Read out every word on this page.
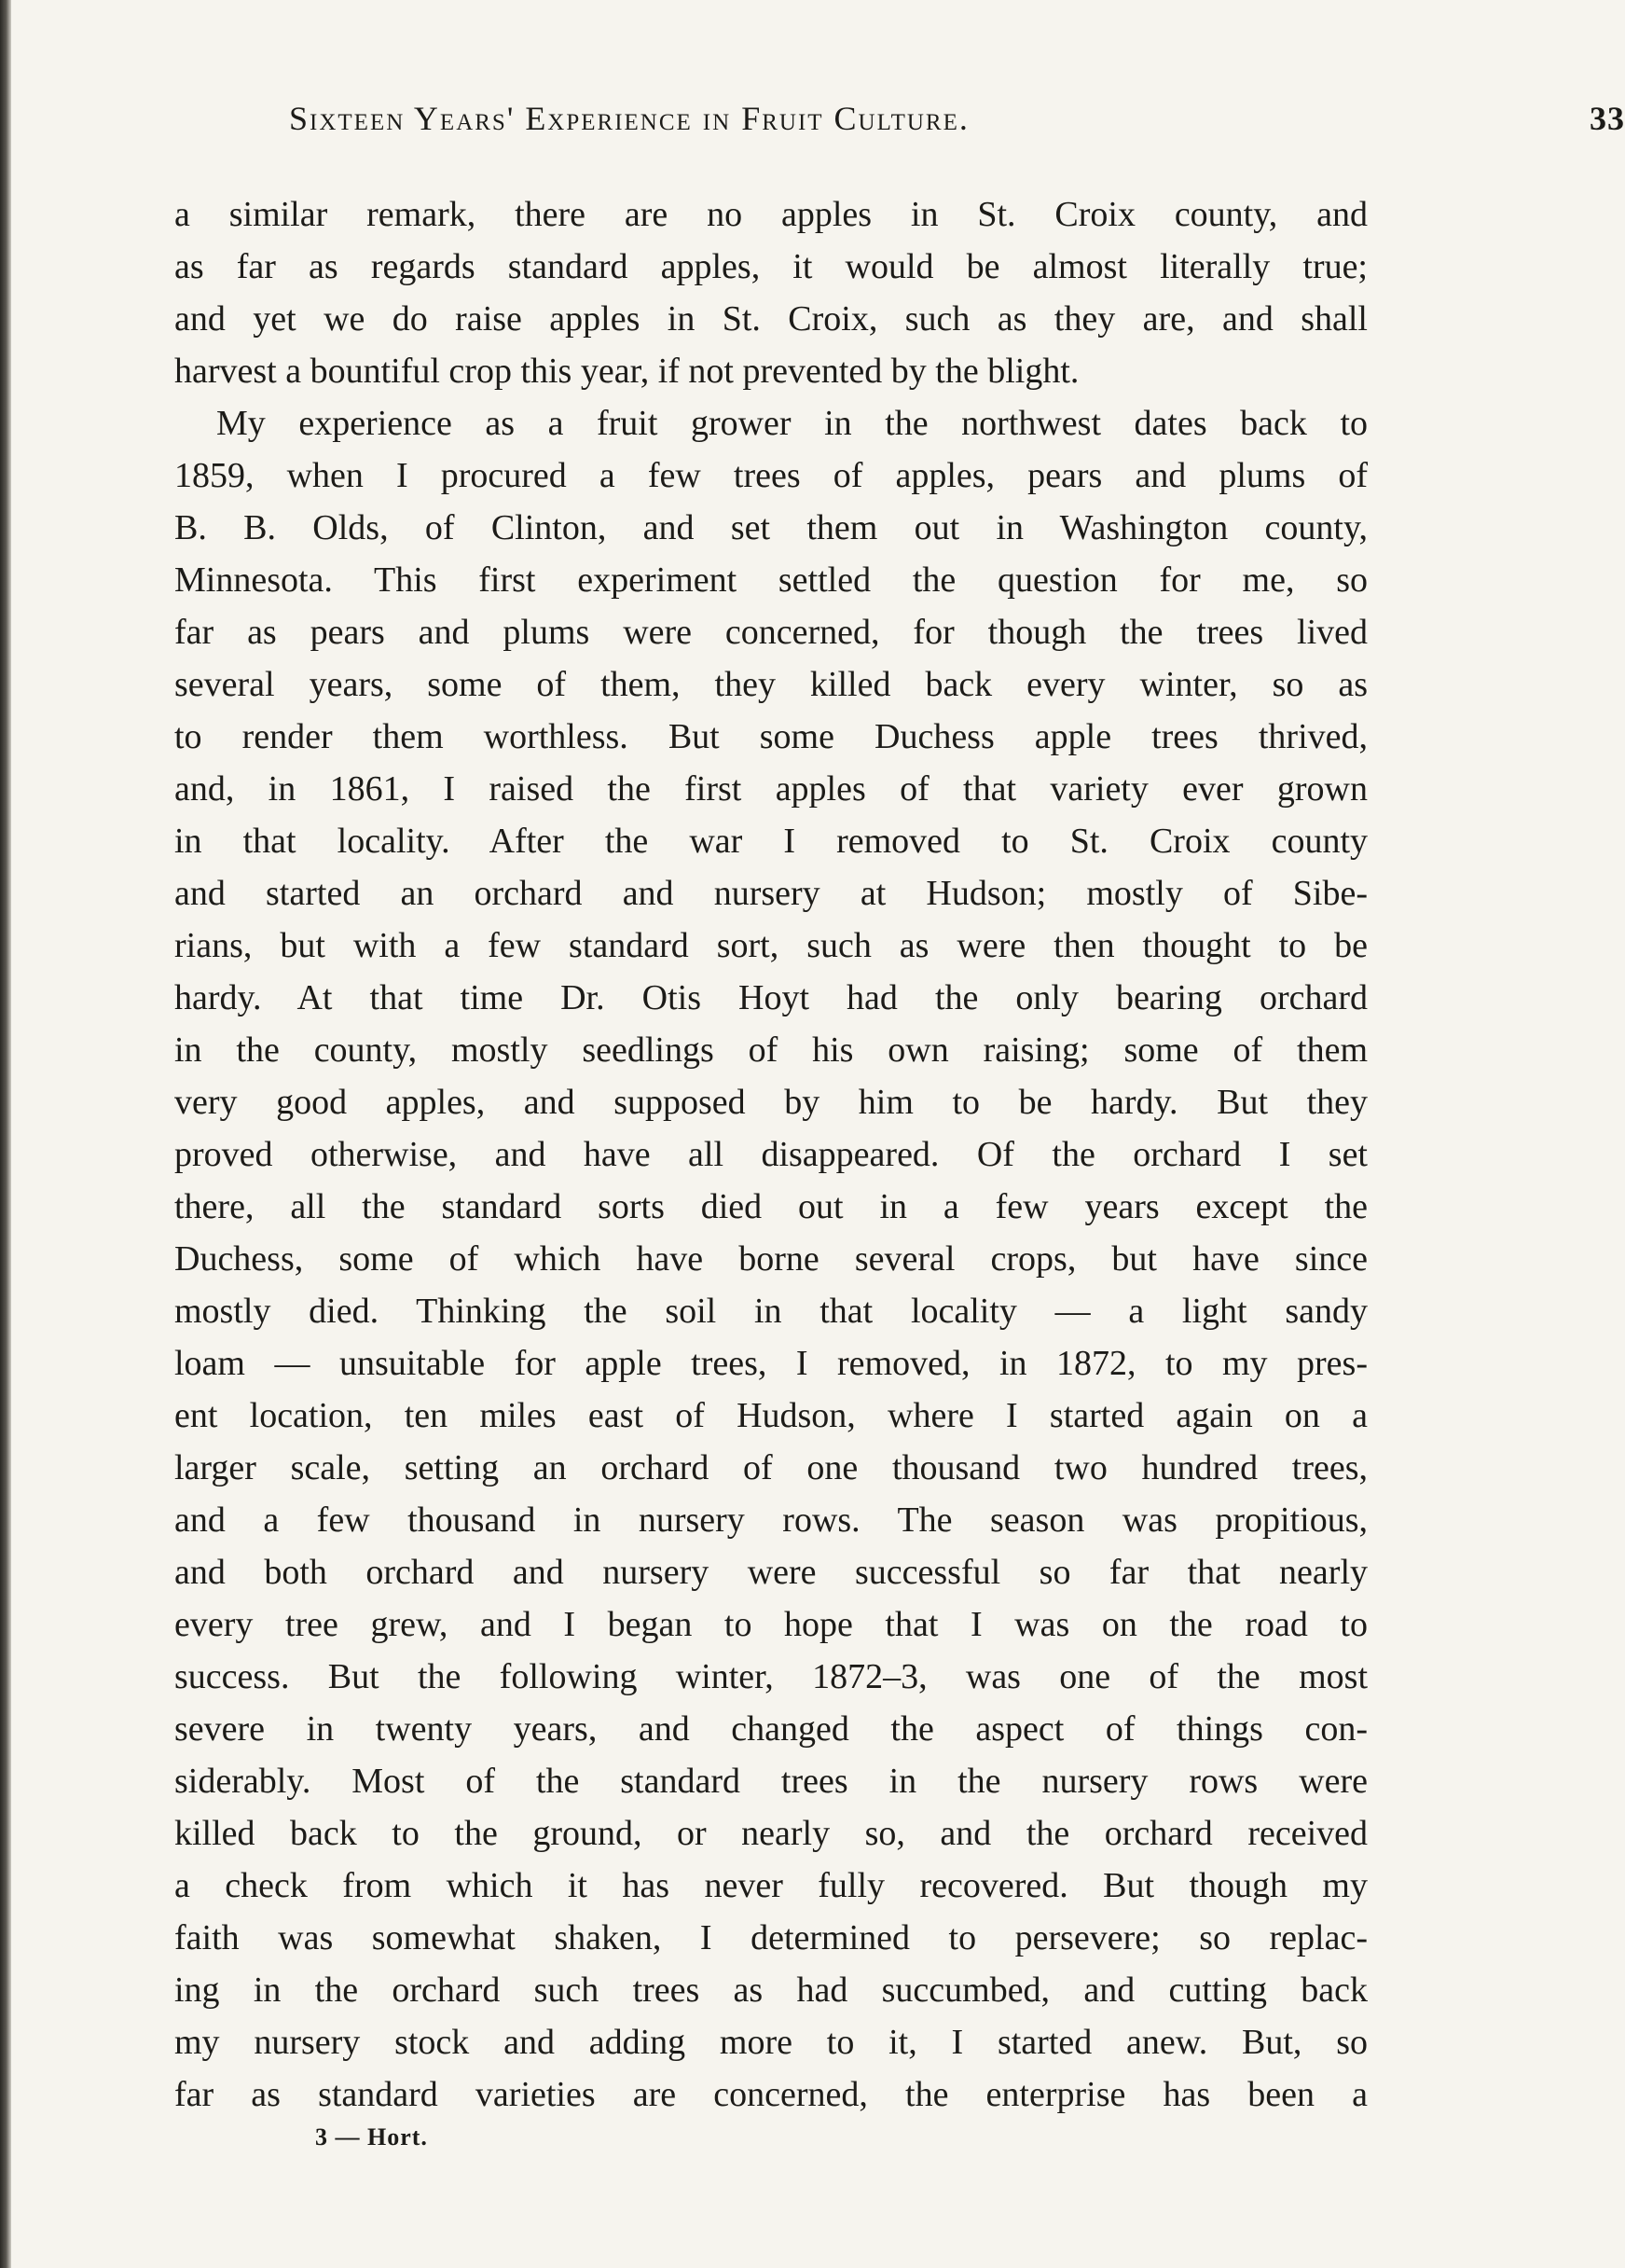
Sixteen Years' Experience in Fruit Culture.	33
a similar remark, there are no apples in St. Croix county, and
as far as regards standard apples, it would be almost literally true;
and yet we do raise apples in St. Croix, such as they are, and shall
harvest a bountiful crop this year, if not prevented by the blight.
My experience as a fruit grower in the northwest dates back to
1859, when I procured a few trees of apples, pears and plums of
B. B. Olds, of Clinton, and set them out in Washington county,
Minnesota. This first experiment settled the question for me, so
far as pears and plums were concerned, for though the trees lived
several years, some of them, they killed back every winter, so as
to render them worthless. But some Duchess apple trees thrived,
and, in 1861, I raised the first apples of that variety ever grown
in that locality. After the war I removed to St. Croix county
and started an orchard and nursery at Hudson; mostly of Sibe-
rians, but with a few standard sort, such as were then thought to be
hardy. At that time Dr. Otis Hoyt had the only bearing orchard
in the county, mostly seedlings of his own raising; some of them
very good apples, and supposed by him to be hardy. But they
proved otherwise, and have all disappeared. Of the orchard I set
there, all the standard sorts died out in a few years except the
Duchess, some of which have borne several crops, but have since
mostly died. Thinking the soil in that locality — a light sandy
loam — unsuitable for apple trees, I removed, in 1872, to my pres-
ent location, ten miles east of Hudson, where I started again on a
larger scale, setting an orchard of one thousand two hundred trees,
and a few thousand in nursery rows. The season was propitious,
and both orchard and nursery were successful so far that nearly
every tree grew, and I began to hope that I was on the road to
success. But the following winter, 1872–3, was one of the most
severe in twenty years, and changed the aspect of things con-
siderably. Most of the standard trees in the nursery rows were
killed back to the ground, or nearly so, and the orchard received
a check from which it has never fully recovered. But though my
faith was somewhat shaken, I determined to persevere; so replac-
ing in the orchard such trees as had succumbed, and cutting back
my nursery stock and adding more to it, I started anew. But, so
far as standard varieties are concerned, the enterprise has been a
3 — Hort.
